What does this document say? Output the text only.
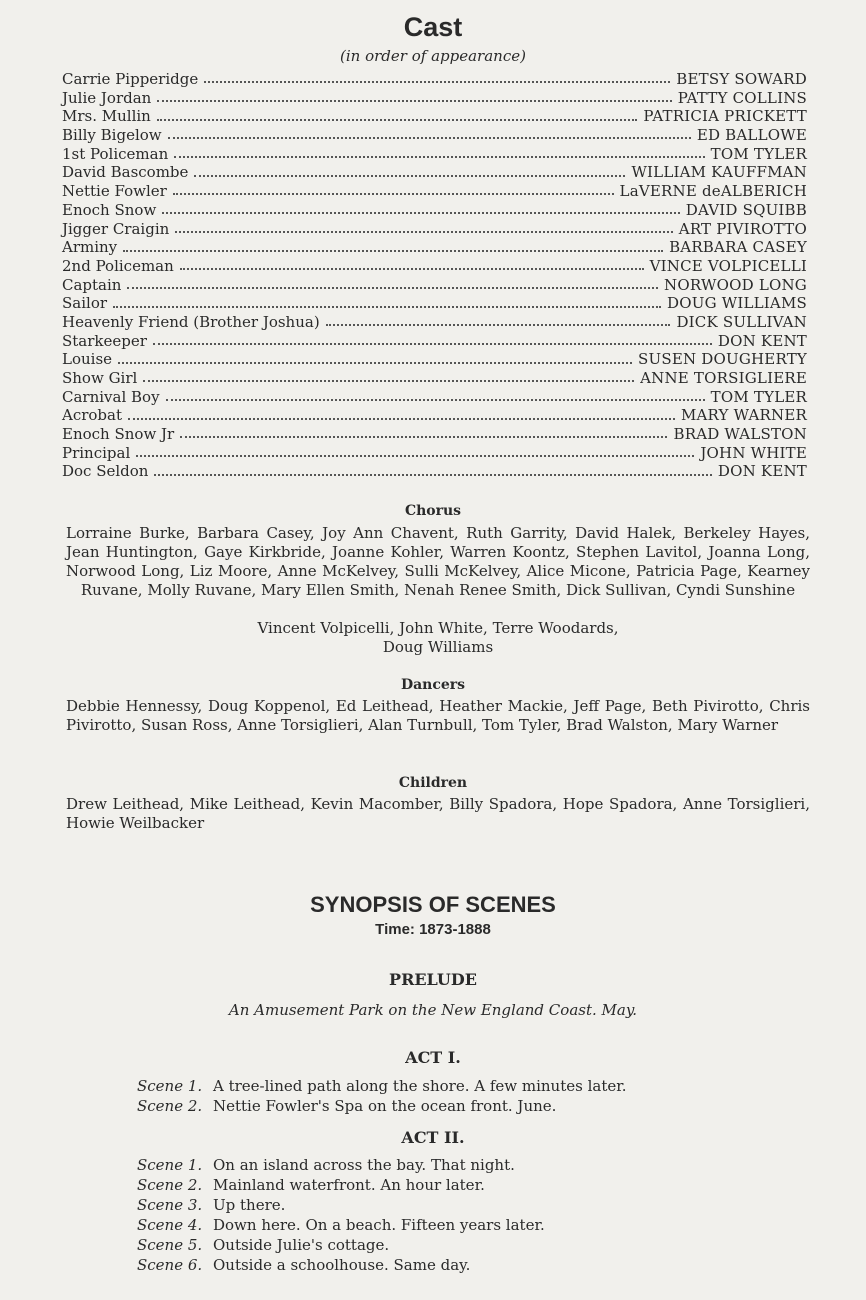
Cast

(in order of appearance)

Carrie Pipperidge	BETSY SOWARD
Julie Jordan	PATTY COLLINS
Mrs. Mullin	PATRICIA PRICKETT
Billy Bigelow	ED BALLOWE
1st Policeman	TOM TYLER
David Bascombe	WILLIAM KAUFFMAN
Nettie Fowler	LaVERNE deALBERICH
Enoch Snow	DAVID SQUIBB
Jigger Craigin	ART PIVIROTTO
Arminy	BARBARA CASEY
2nd Policeman	VINCE VOLPICELLI
Captain	NORWOOD LONG
Sailor	DOUG WILLIAMS
Heavenly Friend (Brother Joshua)	DICK SULLIVAN
Starkeeper	DON KENT
Louise	SUSEN DOUGHERTY
Show Girl	ANNE TORSIGLIERE
Carnival Boy	TOM TYLER
Acrobat	MARY WARNER
Enoch Snow Jr	BRAD WALSTON
Principal	JOHN WHITE
Doc Seldon	DON KENT

Chorus

Lorraine Burke, Barbara Casey, Joy Ann Chavent, Ruth Garrity, David Halek, Berkeley Hayes, Jean Huntington, Gaye Kirkbride, Joanne Kohler, Warren Koontz, Stephen Lavitol, Joanna Long, Norwood Long, Liz Moore, Anne McKelvey, Sulli McKelvey, Alice Micone, Patricia Page, Kearney Ruvane, Molly Ruvane, Mary Ellen Smith, Nenah Renee Smith, Dick Sullivan, Cyndi Sunshine

Vincent Volpicelli, John White, Terre Woodards,

Doug Williams

Dancers

Debbie Hennessy, Doug Koppenol, Ed Leithead, Heather Mackie, Jeff Page, Beth Pivirotto, Chris Pivirotto, Susan Ross, Anne Torsiglieri, Alan Turnbull, Tom Tyler, Brad Walston, Mary Warner

Children

Drew Leithead, Mike Leithead, Kevin Macomber, Billy Spadora, Hope Spadora, Anne Torsiglieri, Howie Weilbacker

SYNOPSIS OF SCENES

Time: 1873-1888

PRELUDE

An Amusement Park on the New England Coast. May.

ACT I.

Scene 1. A tree-lined path along the shore. A few minutes later.
Scene 2. Nettie Fowler's Spa on the ocean front. June.

ACT II.

Scene 1. On an island across the bay. That night.
Scene 2. Mainland waterfront. An hour later.
Scene 3. Up there.
Scene 4. Down here. On a beach. Fifteen years later.
Scene 5. Outside Julie's cottage.
Scene 6. Outside a schoolhouse. Same day.
